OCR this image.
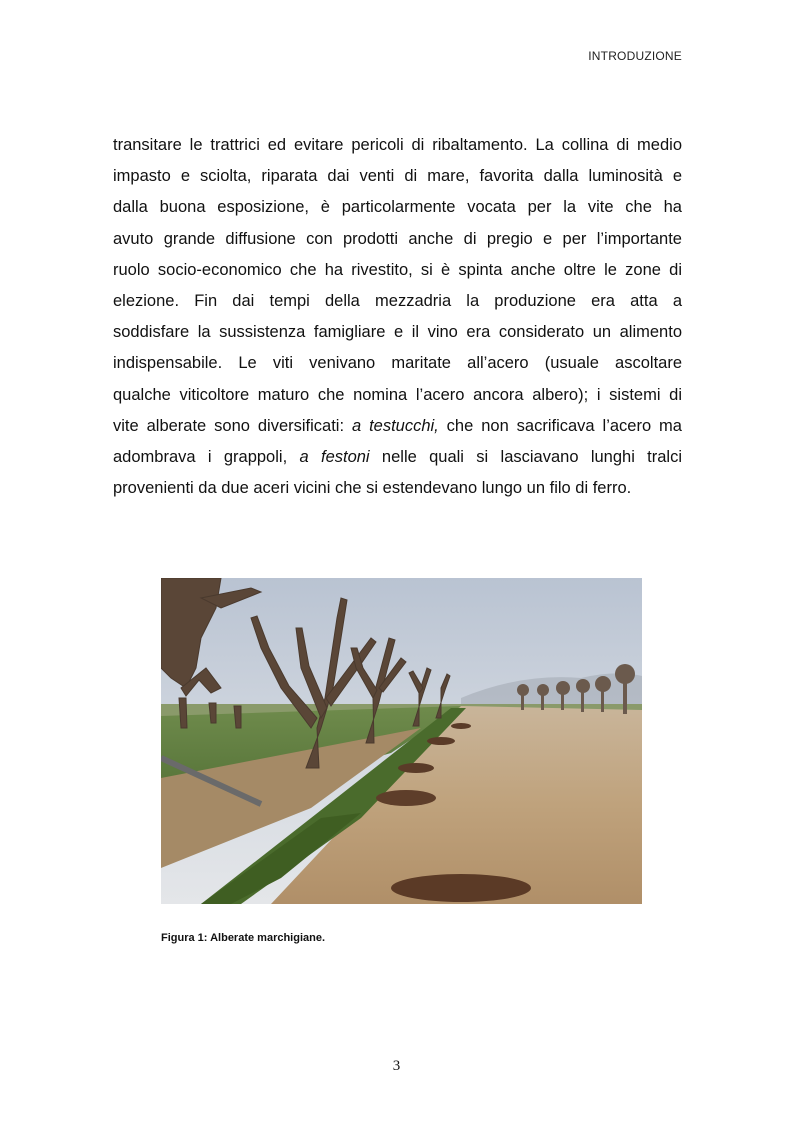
INTRODUZIONE
transitare le trattrici ed evitare pericoli di ribaltamento. La collina di medio
impasto e sciolta, riparata dai venti di mare, favorita dalla luminosità e
dalla buona esposizione, è particolarmente vocata per la vite che ha
avuto grande diffusione con prodotti anche di pregio e per l’importante
ruolo socio-economico che ha rivestito, si è spinta anche oltre le zone di
elezione. Fin dai tempi della mezzadria la produzione era atta a
soddisfare la sussistenza famigliare e il vino era considerato un alimento
indispensabile. Le viti venivano maritate all’acero (usuale ascoltare
qualche viticoltore maturo che nomina l’acero ancora albero); i sistemi di
vite alberate sono diversificati: a testucchi, che non sacrificava l’acero ma
adombrava i grappoli, a festoni nelle quali si lasciavano lunghi tralci
provenienti da due aceri vicini che si estendevano lungo un filo di ferro.
Figura 1: Alberate marchigiane.
3
